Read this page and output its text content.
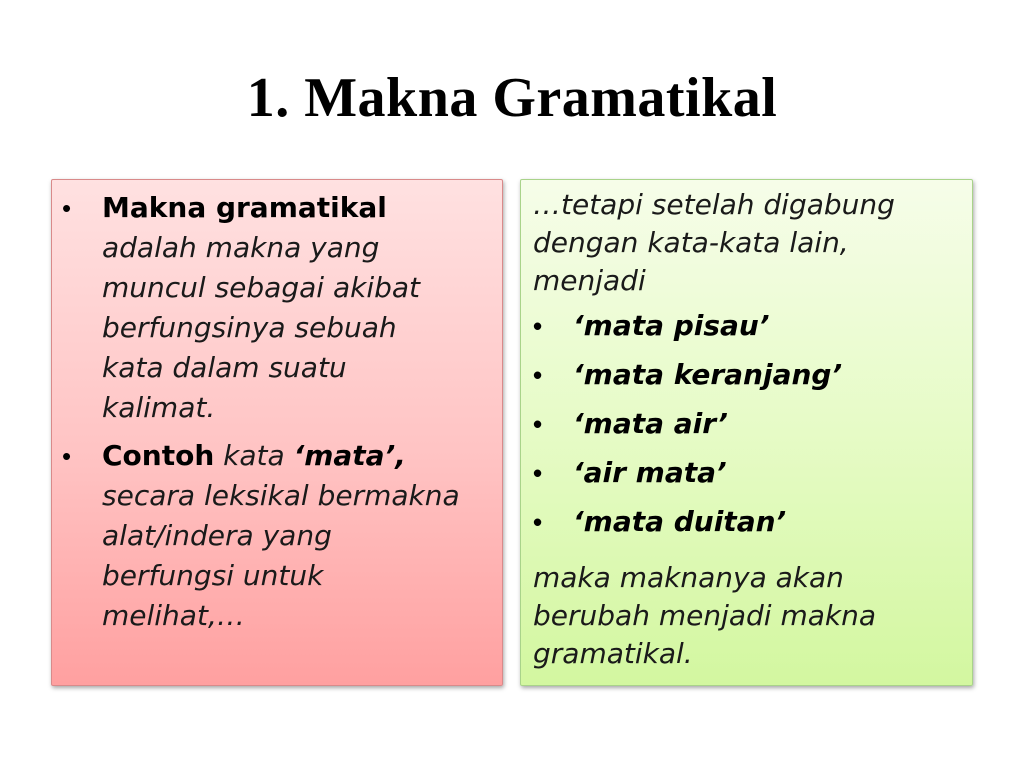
1. Makna Gramatikal
• Makna gramatikal adalah makna yang muncul sebagai akibat berfungsinya sebuah kata dalam suatu kalimat.
• Contoh kata ‘mata’, secara leksikal bermakna alat/indera yang berfungsi untuk melihat,…

…tetapi setelah digabung dengan kata-kata lain, menjadi

• ‘mata pisau’
• ‘mata keranjang’
• ‘mata air’
• ‘air mata’
• ‘mata duitan’

maka maknanya akan berubah menjadi makna gramatikal.
